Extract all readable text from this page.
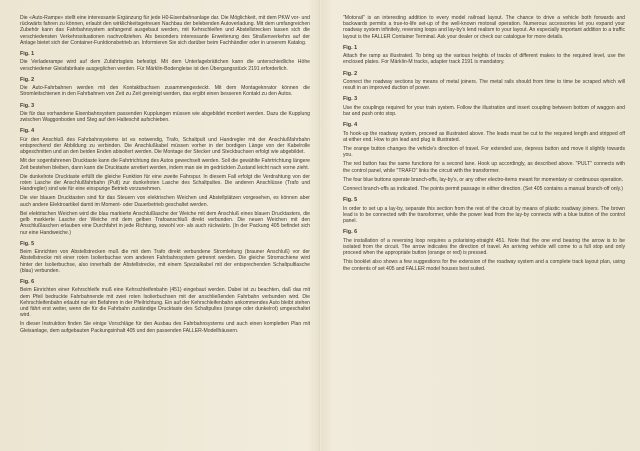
Die «Auto-Rampe» stellt eine interessante Ergänzung für jede H0-Eisenbahnanlage dar. Die Möglichkeit, mit dem PKW vor- und rückwärts fahren zu können, erlaubt den wirklichkeitsgetreuen Nachbau der belebenden Autoverladung. Mit dem umfangreichen Zubehör kann das Fahrbahnsystem anfangend ausgebaut werden, mit Kehrschleifen und Abstellstrecken lassen sich die verschiedensten Verkehrssituationen nachvollziehen. Als besonders interessante Erweiterung des Straßenverkehrs auf der Anlage bietet sich der Container-Funktionsbetrieb an. Informieren Sie sich darüber beim Fachhändler oder in unserem Katalog.

Fig. 1

Die Verladerampe wird auf dem Zufahrtsgleis befestigt. Mit dem Unterlagebrättchen kann die unterschiedliche Höhe verschiedener Gleisfabrikate ausgeglichen werden. Für Märklin-Bodengleise ist den Übergangsstück 2191 erforderlich.

Fig. 2

Die Auto-Fahrbahnen werden mit den Kontaktbuchsen zusammengesteckt. Mit dem Montageknrator können die Stromleitschienen in den Fahrbahnen von Zeit zu Zeit gereinigt werden, das ergibt einen besseren Kontakt zu den Autos.

Fig. 3

Die für das vorhandene Eisenbahnsystem passenden Kupplungen müssen wie abgebildet montiert werden. Dazu die Kupplung zwischen Waggonboden und Steg auf den Halteschit aufschieben.

Fig. 4

Für den Anschluß des Fahrbahnsystems ist es notwendig, Trafo, Schaltpult und Handregler mit der Anschlußfahrbahn entsprechend der Abbildung zu verbinden. Die Anschlußkabel müssen vorher in der bordigen Länge von der Kabelrolle abgeschnitten und an den beiden Enden abisoliert werden. Die Montage der Stecker und Steckbuchsen erfolgt wie abgebildet.

Mit der sogenfahrenen Drucktaste kann die Fahrtrichtung des Autos gewechselt werden. Soll die gewählte Fahrtrichtung längere Zeit bestehen bleiben, dann kann die Drucktaste arretiert werden, indem man sie im gedrückten Zustand leicht nach vorne zieht.

Die dunkelrote Drucktaste erfüllt die gleiche Funktion für eine zweite Fahrspur. In diesem Fall erfolgt die Verdrahtung von der roten Lasche der Anschlußfahrbahn (Pult) zur dunkelroten Lasche des Schaltpultes. Die anderen Anschlüsse (Trafo und Handregler) sind wie für eine einspurige Betrieb vorzunehmen.

Die vier blauen Drucktasten sind für das Steuern von elektrischen Weichen und Abstellplätzen vorgesehen, es können aber auch andere Elektroartikel damit im Moment- oder Dauerbetrieb geschaltet werden.

Bei elektrischen Weichen wird die blau markierte Anschlußlasche der Weiche mit dem Anschluß eines blauen Drucktasters, die gelb markierte Lasche der Weiche mit dem gelben Trafoanschluß direkt verbunden. Die neuen Weichen mit den Anschlußlaschen erlauben eine Durchfahrt in jede Richtung, sowohl vor- als auch rückwärts. (In der Packung 405 befindet sich nur eine Handweiche.)

Fig. 5

Beim Einrichten von Abstellstrecken muß die mit dem Trafo direkt verbundene Stromleitung (brauner Anschluß) vor der Abstellstrecke mit einer roten Isolierbuchse vom anderen Fahrbahnsystem getrennt werden. Die gleiche Stromschiene wird hinter der Isolierbuchse, also innerhalb der Abstellstrecke, mit einem Spezialkabel mit der entsprechenden Schaltpultlasche (blau) verbunden.

Fig. 6

Beim Einrichten einer Kehrschleife muß eine Kehrschleifenbahn (451) eingebaut werden. Dabei ist zu beachten, daß das mit dem Pfeil bedruckte Fahrbahnende mit zwei roten Isolierbuchsen mit der anschließenden Fahrbahn verbunden wird. Die Kehrschleifenbahn erlaubt nur ein Befahren in der Pfeilrichtung. Ein auf der Kehrschleifenbahn ankommendes Auto bleibt stehen und fährt erst weiter, wenn die für die Fahrbahn zuständige Drucktaste des Schaltpultes (orange oder dunkelrot) umgeschaltet wird.

In dieser Instruktion finden Sie einige Vorschläge für den Ausbau des Fahrbahnsystems und auch einen kompletten Plan mit Gleisanlage, dem aufgebauten Packungsinhalt 405 und den passenden FALLER-Modellhäusern.

"Motorail" is an interesting addition to every model railroad layout. The chance to drive a vehicle both forwards and backwards permits a true-to-life set-up of the well-known motorail operation. Numerous accessories let you expand your roadway system infinitely, reversing loops and lay-by's lend realism to your layout. An especially important addition to a traffic layout is the FALLER Container Terminal. Ask your dealer or check our catalogue for more details.

Fig. 1

Attach the ramp as illustrated. To bring up the various heights of tracks of different makes to the required level, use the enclosed plates. For Märklin-M tracks, adapter track 2191 is mandatory.

Fig. 2

Connect the roadway sections by means of metal joiners. The metal rails should from time to time be scraped which will result in an improved duction of power.

Fig. 3

Use the couplings required for your train system. Follow the illustration and insert coupling between bottom of waggon and bar and push onto stop.

Fig. 4

To hook-up the roadway system, proceed as illustrated above. The leads must be cut to the required length and stripped off at either end. How to pin lead and plug is illustrated.

The orange button changes the vehicle's direction of travel. For extended use, depress button and move it slightly towards you.

The red button has the same functions for a second lane. Hook up accordingly, as described above. "PULT" connects with the control panel, while "TRAFO" links the circuit with the transformer.

The four blue buttons operate branch-offs, lay-by's, or any other electro-items meant for momentary or continuous operation.

Connect branch-offs as indicated. The points permit passage in either direction. (Set 405 contains a manual branch-off only.)

Fig. 5

In order to set up a lay-by, separate this section from the rest of the circuit by means of plastic roadway joiners. The brown lead is to be connected with the transformer, while the power lead from the lay-by connects with a blue button of the control panel.

Fig. 6

The installation of a reversing loop requires a polarising-straight 451. Note that the one end bearing the arrow is to be isolated from the circuit. The arrow indicates the direction of travel. An arriving vehicle will come to a full stop and only proceed when the appropriate button (orange or red) is pressed.

This booklet also shows a few suggestions for the extension of the roadway system and a complete track layout plan, using the contents of set 405 and FALLER model houses best suited.
